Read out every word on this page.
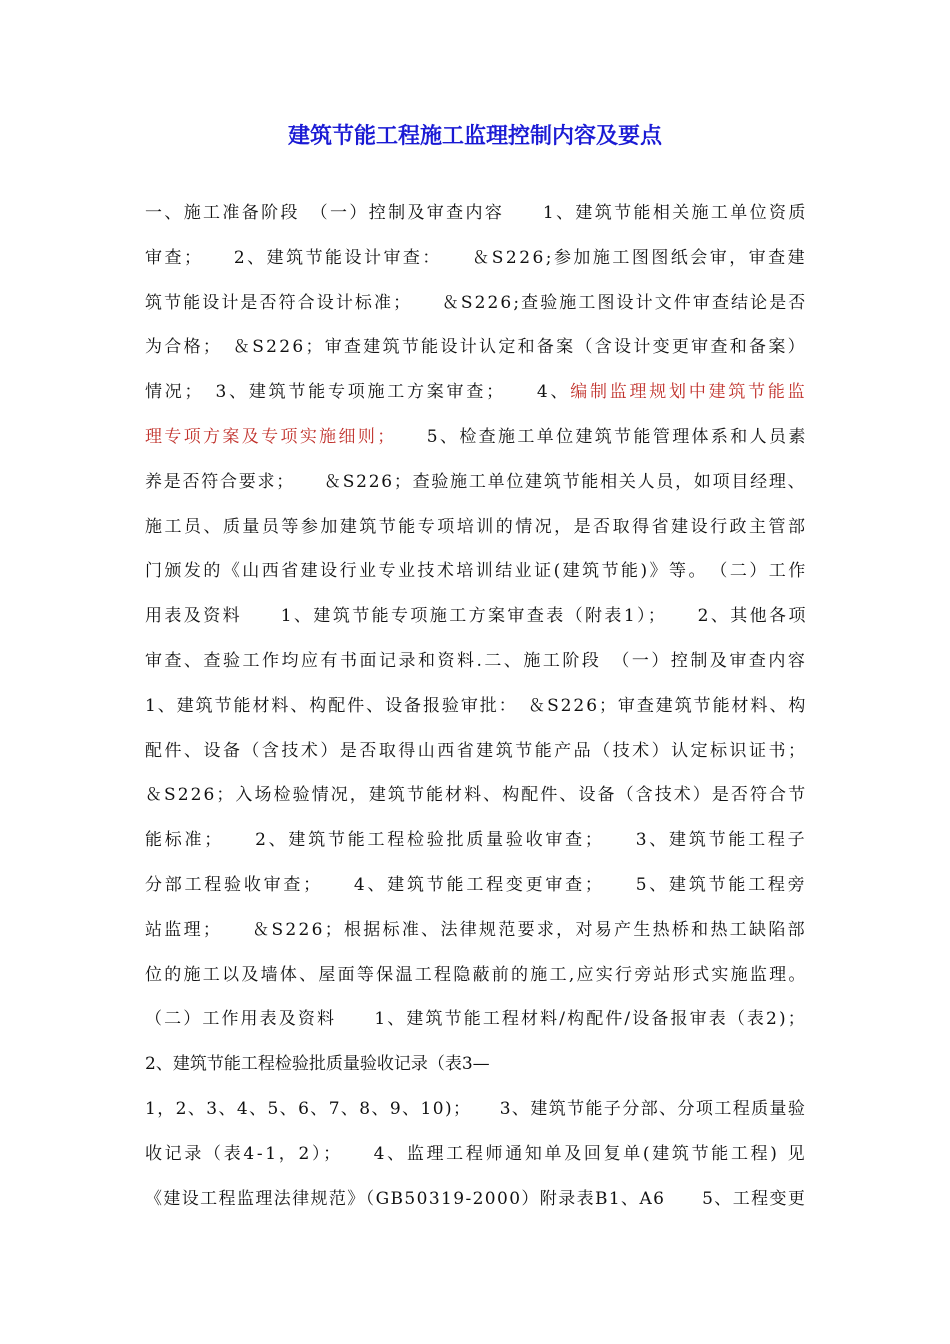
建筑节能工程施工监理控制内容及要点
一、施工准备阶段　（一）控制及审查内容　　1、建筑节能相关施工单位资质
审查；　　2、建筑节能设计审查：　　＆S226;参加施工图图纸会审，审查建
筑节能设计是否符合设计标准；　　＆S226;查验施工图设计文件审查结论是否
为合格；　＆S226；审查建筑节能设计认定和备案（含设计变更审查和备案）
情况；　3、建筑节能专项施工方案审查；　　4、编制监理规划中建筑节能监
理专项方案及专项实施细则；　　5、检查施工单位建筑节能管理体系和人员素
养是否符合要求；　　＆S226；查验施工单位建筑节能相关人员，如项目经理、
施工员、质量员等参加建筑节能专项培训的情况，是否取得省建设行政主管部
门颁发的《山西省建设行业专业技术培训结业证(建筑节能)》等。　（二）工作
用表及资料　　1、建筑节能专项施工方案审查表（附表1）；　　2、其他各项
审查、查验工作均应有书面记录和资料.二、施工阶段　（一）控制及审查内容
1、建筑节能材料、构配件、设备报验审批：　＆S226；审查建筑节能材料、构
配件、设备（含技术）是否取得山西省建筑节能产品（技术）认定标识证书；
＆S226；入场检验情况，建筑节能材料、构配件、设备（含技术）是否符合节
能标准；　　2、建筑节能工程检验批质量验收审查；　　3、建筑节能工程子
分部工程验收审查；　　4、建筑节能工程变更审查；　　5、建筑节能工程旁
站监理；　　＆S226；根据标准、法律规范要求，对易产生热桥和热工缺陷部
位的施工以及墙体、屋面等保温工程隐蔽前的施工,应实行旁站形式实施监理。
（二）工作用表及资料　　1、建筑节能工程材料/构配件/设备报审表（表2)；
2、建筑节能工程检验批质量验收记录（表3—
1，2、3、4、5、6、7、8、9、10)；　　3、建筑节能子分部、分项工程质量验
收记录（表4-1，2）；　　4、监理工程师通知单及回复单(建筑节能工程) 见
《建设工程监理法律规范》（GB50319-2000）附录表B1、A6　　5、工程变更
